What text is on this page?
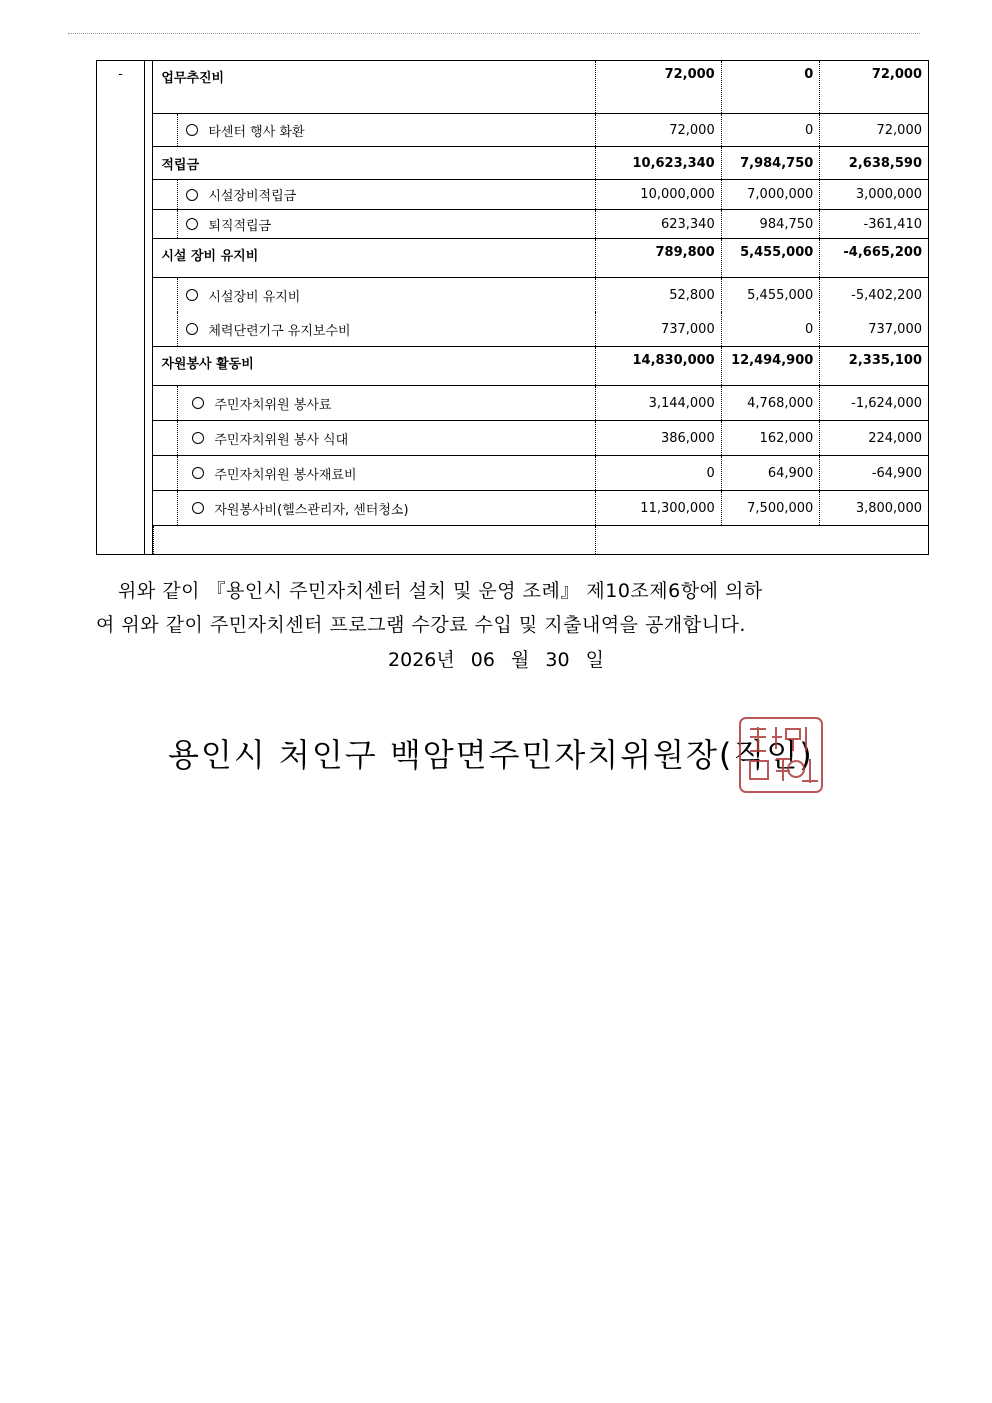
-		업무추진비	72,000	0	72,000

		타센터 행사 화환	72,000	0	72,000
		적립금	10,623,340	7,984,750	2,638,590

		시설장비적립금	10,000,000	7,000,000	3,000,000

		퇴직적립금	623,340	984,750	-361,410
		시설 장비 유지비	789,800	5,455,000	-4,665,200

		시설장비 유지비	52,800	5,455,000	-5,402,200

		체력단련기구 유지보수비	737,000	0	737,000
		자원봉사 활동비	14,830,000	12,494,900	2,335,100

		주민자치위원 봉사료	3,144,000	4,768,000	-1,624,000

		주민자치위원 봉사 식대	386,000	162,000	224,000

		주민자치위원 봉사재료비	0	64,900	-64,900

		자원봉사비(헬스관리자, 센터청소)	11,300,000	7,500,000	3,800,000

위와 같이 『용인시 주민자치센터 설치 및 운영 조례』 제10조제6항에 의하
여 위와 같이 주민자치센터 프로그램 수강료 수입 및 지출내역을 공개합니다.
2026년 06 월 30 일
용인시 처인구 백암면주민자치위원장(직인)
